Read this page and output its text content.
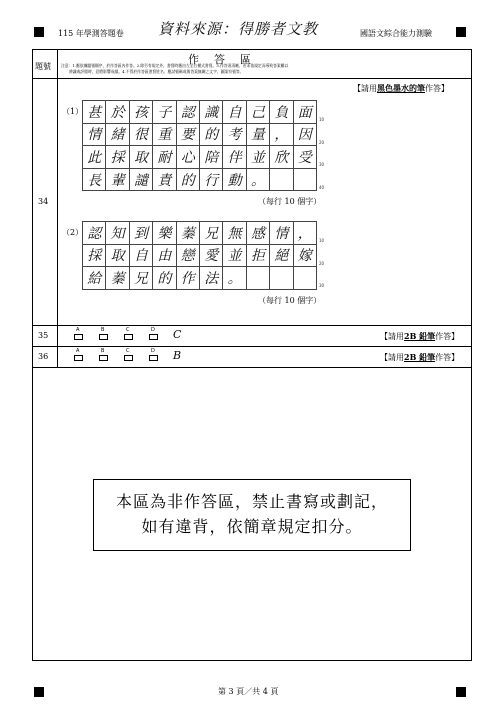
115 年學測答題卷 資料來源：得勝者文教	國語文綜合能力測驗
題號
作　答　區
注意：1.應依據題號順序，於作答區內作答。2.除另有規定外，書寫時應由左至右橫式書寫。3.作答須清晰，若未依規定而導致答案難以
辨識或評閱時，恐將影響成績。4.不得於作答區書寫姓名、應試號碼或與答案無關之文字、圖案符號等。
34
【請用黑色墨水的筆作答】
（1） 甚 於 孩 子 認 識 自 己 負 面	10
情 緒 很 重 要 的 考 量 ， 因	20
此 採 取 耐 心 陪 伴 並 欣 受	30
長 輩 譴 責 的 行 動 。	40
（每行 10 個字）
（2） 認 知 到 樂 蓁 兄 無 感 情 ，	10
採 取 自 由 戀 愛 並 拒 絕 嫁	20
給 蓁 兄 的 作 法 。	30
（每行 10 個字）
35
A	B	C	D C	【請用2B 鉛筆作答】
36
A	B	C	D B	【請用2B 鉛筆作答】
本區為非作答區，禁止書寫或劃記，
如有違背，依簡章規定扣分。
第 3 頁／共 4 頁
